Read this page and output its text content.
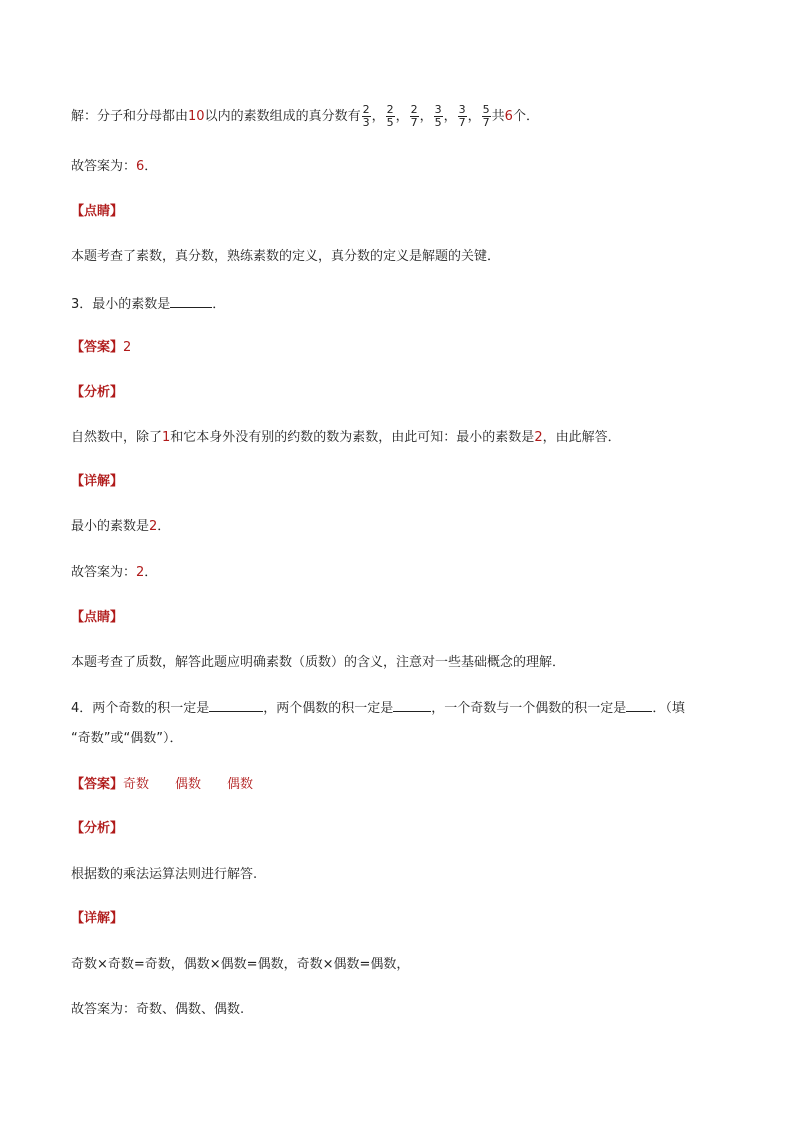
解：分子和分母都由10以内的素数组成的真分数有 $\frac{2}{3}$ ， $\frac{2}{5}$ ， $\frac{2}{7}$ ， $\frac{3}{5}$ ， $\frac{3}{7}$ ， $\frac{5}{7}$ 共6个．
故答案为：6．
【点睛】
本题考查了素数，真分数，熟练素数的定义，真分数的定义是解题的关键．
3．最小的素数是	．
【答案】2
【分析】
自然数中，除了1和它本身外没有别的约数的数为素数，由此可知：最小的素数是2，由此解答．
【详解】
最小的素数是2．
故答案为：2．
【点睛】
本题考查了质数，解答此题应明确素数（质数）的含义，注意对一些基础概念的理解．
4．两个奇数的积一定是	，两个偶数的积一定是	，一个奇数与一个偶数的积一定是 ．（填
“奇数”或“偶数”）．
【答案】奇数 偶数 偶数
【分析】
根据数的乘法运算法则进行解答.
【详解】
奇数×奇数=奇数，偶数×偶数=偶数，奇数×偶数=偶数，
故答案为：奇数、偶数、偶数.
